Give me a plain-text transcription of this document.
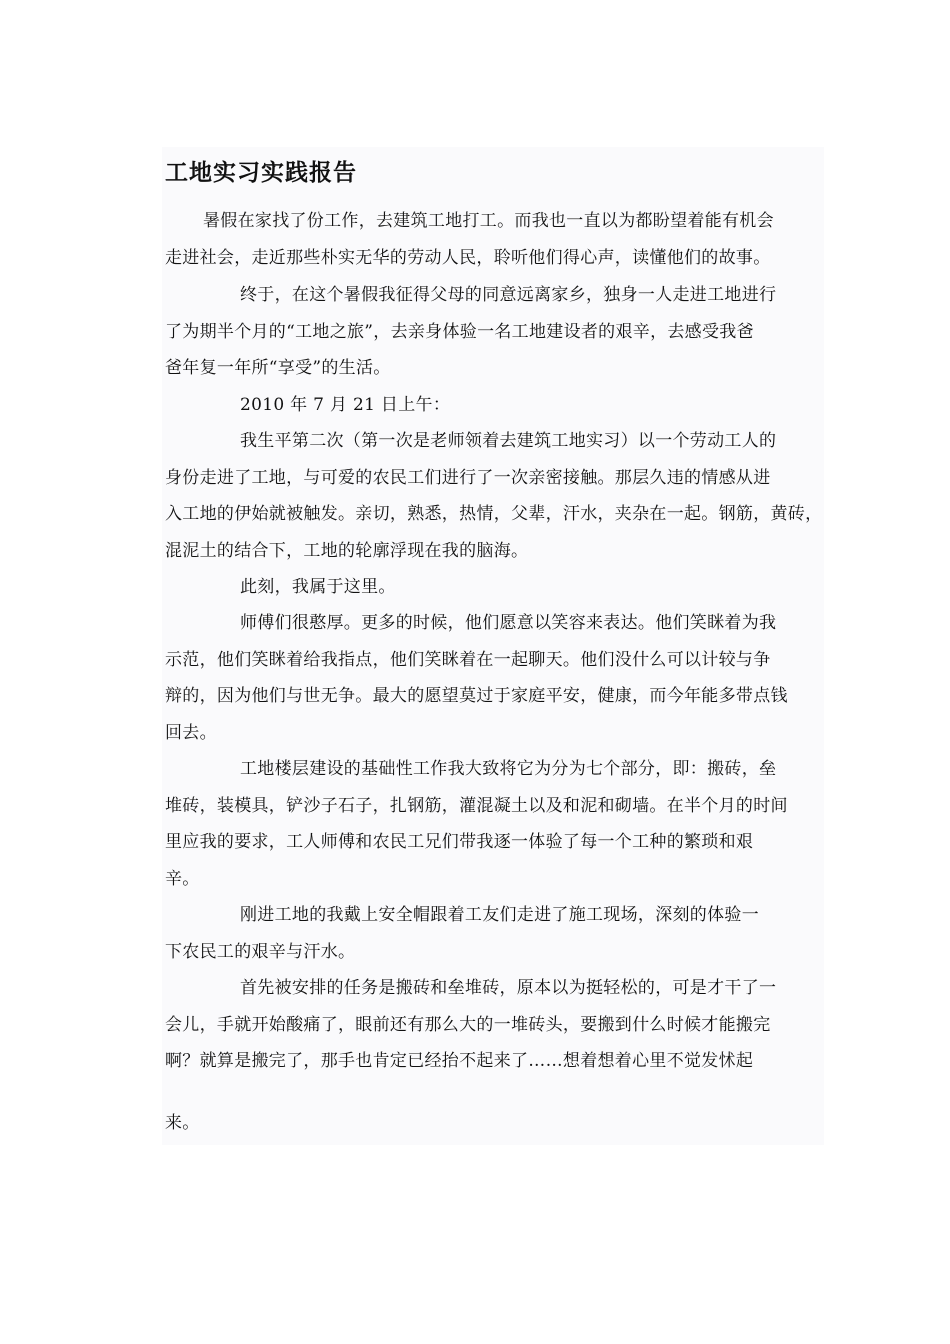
工地实习实践报告
暑假在家找了份工作，去建筑工地打工。而我也一直以为都盼望着能有机会
走进社会，走近那些朴实无华的劳动人民，聆听他们得心声，读懂他们的故事。
终于，在这个暑假我征得父母的同意远离家乡，独身一人走进工地进行
了为期半个月的“工地之旅”，去亲身体验一名工地建设者的艰辛，去感受我爸
爸年复一年所“享受”的生活。
2010 年 7 月 21 日上午：
我生平第二次（第一次是老师领着去建筑工地实习）以一个劳动工人的
身份走进了工地，与可爱的农民工们进行了一次亲密接触。那层久违的情感从进
入工地的伊始就被触发。亲切，熟悉，热情，父辈，汗水，夹杂在一起。钢筋，黄砖，
混泥土的结合下，工地的轮廓浮现在我的脑海。
此刻，我属于这里。
师傅们很憨厚。更多的时候，他们愿意以笑容来表达。他们笑眯着为我
示范，他们笑眯着给我指点，他们笑眯着在一起聊天。他们没什么可以计较与争
辩的，因为他们与世无争。最大的愿望莫过于家庭平安，健康，而今年能多带点钱
回去。
工地楼层建设的基础性工作我大致将它为分为七个部分，即：搬砖，垒
堆砖，装模具，铲沙子石子，扎钢筋，灌混凝土以及和泥和砌墙。在半个月的时间
里应我的要求，工人师傅和农民工兄们带我逐一体验了每一个工种的繁琐和艰
辛。
刚进工地的我戴上安全帽跟着工友们走进了施工现场，深刻的体验一
下农民工的艰辛与汗水。
首先被安排的任务是搬砖和垒堆砖，原本以为挺轻松的，可是才干了一
会儿，手就开始酸痛了，眼前还有那么大的一堆砖头，要搬到什么时候才能搬完
啊？就算是搬完了，那手也肯定已经抬不起来了……想着想着心里不觉发怵起
来。
